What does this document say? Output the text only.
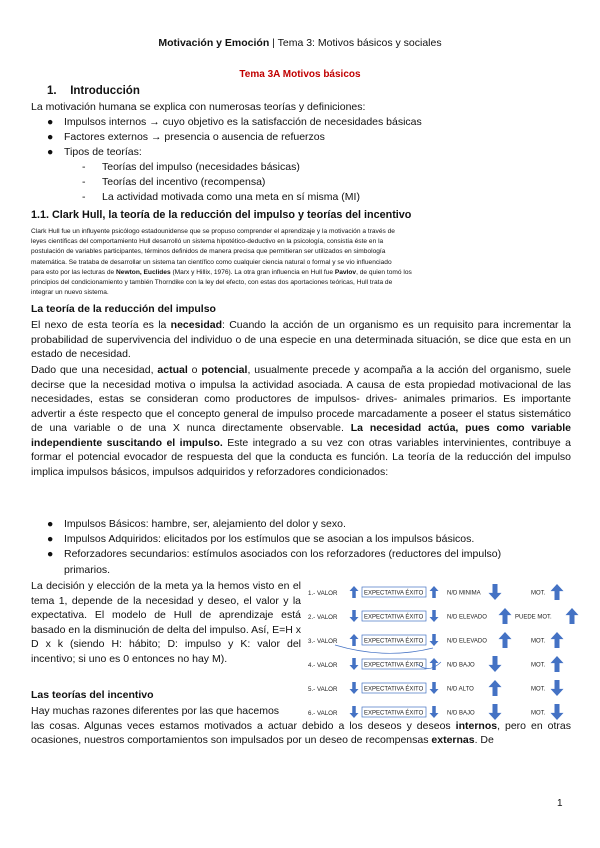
Motivación y Emoción | Tema 3: Motivos básicos y sociales
Tema 3A Motivos básicos
1. Introducción
La motivación humana se explica con numerosas teorías y definiciones:
● Impulsos internos → cuyo objetivo es la satisfacción de necesidades básicas
● Factores externos → presencia o ausencia de refuerzos
● Tipos de teorías:
- Teorías del impulso (necesidades básicas)
- Teorías del incentivo (recompensa)
- La actividad motivada como una meta en sí misma (MI)
1.1. Clark Hull, la teoría de la reducción del impulso y teorías del incentivo
Clark Hull fue un influyente psicólogo estadounidense que se propuso comprender el aprendizaje y la motivación a través de
leyes científicas del comportamiento Hull desarrolló un sistema hipotético-deductivo en la psicología, consistía éste en la
postulación de variables participantes, términos definidos de manera precisa que permitieran ser utilizados en simbología
matemática. Se trataba de desarrollar un sistema tan científico como cualquier ciencia natural o formal y se vio influenciado
para esto por las lecturas de Newton, Euclides (Marx y Hillix, 1976). La otra gran influencia en Hull fue Pavlov, de quien tomó los
principios del condicionamiento y también Thorndike con la ley del efecto, con estas dos aportaciones teóricas, Hull trata de
integrar un nuevo sistema.
La teoría de la reducción del impulso
El nexo de esta teoría es la necesidad: Cuando la acción de un organismo es un requisito para incrementar la probabilidad de supervivencia del individuo o de una especie en una determinada situación, se dice que esta en un estado de necesidad.
Dado que una necesidad, actual o potencial, usualmente precede y acompaña a la acción del organismo, suele decirse que la necesidad motiva o impulsa la actividad asociada. A causa de esta propiedad motivacional de las necesidades, estas se consideran como productores de impulsos- drives- animales primarios. Es importante advertir a éste respecto que el concepto general de impulso procede marcadamente a poseer el status sistemático de una variable o de una X nunca directamente observable. La necesidad actúa, pues como variable independiente suscitando el impulso. Este integrado a su vez con otras variables intervinientes, contribuye a formar el potencial evocador de respuesta del que la conducta es función. La teoría de la reducción del impulso implica impulsos básicos, impulsos adquiridos y reforzadores condicionados:
● Impulsos Básicos: hambre, ser, alejamiento del dolor y sexo.
● Impulsos Adquiridos: elicitados por los estímulos que se asocian a los impulsos básicos.
● Reforzadores secundarios: estímulos asociados con los reforzadores (reductores del impulso)
primarios.
La decisión y elección de la meta ya la hemos visto en el tema 1, depende de la necesidad y deseo, el valor y la expectativa. El modelo de Hull de aprendizaje está basado en la disminución de delta del impulso. Así, E=H x D x k (siendo H: hábito; D: impulso y K: valor del incentivo; si uno es 0 entonces no hay M).
1.- VALOR	EXPECTATIVA ÉXITO	N/D MINIMA	MOT.
2.- VALOR	EXPECTATIVA ÉXITO	N/D ELEVADO	PUEDE MOT.
3.- VALOR	EXPECTATIVA ÉXITO	N/D ELEVADO	MOT.
4.- VALOR	EXPECTATIVA ÉXITO	N/D BAJO	MOT.
5.- VALOR	EXPECTATIVA ÉXITO	N/D ALTO	MOT.
6.- VALOR	EXPECTATIVA ÉXITO	N/D BAJO	MOT.
Las teorías del incentivo
Hay muchas razones diferentes por las que hacemos
las cosas. Algunas veces estamos motivados a actuar debido a los deseos y deseos internos, pero en otras ocasiones, nuestros comportamientos son impulsados por un deseo de recompensas externas. De
1
